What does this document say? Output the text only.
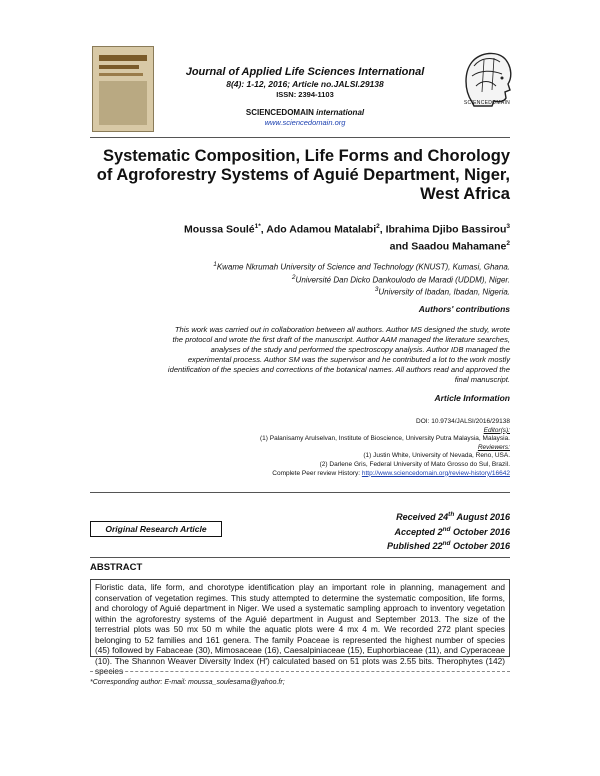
Journal of Applied Life Sciences International
8(4): 1-12, 2016; Article no.JALSI.29138
ISSN: 2394-1103
SCIENCEDOMAIN international
www.sciencedomain.org
SCIENCEDOMAIN
Systematic Composition, Life Forms and Chorology
of Agroforestry Systems of Aguié Department, Niger,
West Africa
Moussa Soulé$^{1*}$, Ado Adamou Matalabi$^2$, Ibrahima Djibo Bassirou$^3$
and Saadou Mahamane$^2$
$^1$Kwame Nkrumah University of Science and Technology (KNUST), Kumasi, Ghana.
$^2$Université Dan Dicko Dankoulodo de Maradi (UDDM), Niger.
$^3$University of Ibadan, Ibadan, Nigeria.
Authors' contributions
This work was carried out in collaboration between all authors. Author MS designed the study, wrote
the protocol and wrote the first draft of the manuscript. Author AAM managed the literature searches,
analyses of the study and performed the spectroscopy analysis. Author IDB managed the
experimental process. Author SM was the supervisor and he contributed a lot to the work mostly
identification of the species and corrections of the botanical names. All authors read and approved the
final manuscript.
Article Information
DOI: 10.9734/JALSI/2016/29138
Editor(s):
(1) Palanisamy Arulselvan, Institute of Bioscience, University Putra Malaysia, Malaysia.
Reviewers:
(1) Justin White, University of Nevada, Reno, USA.
(2) Darlene Gris, Federal University of Mato Grosso do Sul, Brazil.
Complete Peer review History: http://www.sciencedomain.org/review-history/16642
Original Research Article
Received 24th August 2016
Accepted 2nd October 2016
Published 22nd October 2016
ABSTRACT
Floristic data, life form, and chorotype identification play an important role in planning, management and conservation of vegetation regimes. This study attempted to determine the systematic composition, life forms, and chorology of Aguié department in Niger. We used a systematic sampling approach to inventory vegetation within the agroforestry systems of the Aguié department in August and September 2013. The size of the terrestrial plots was 50 mx 50 m while the aquatic plots were 4 mx 4 m. We recorded 272 plant species belonging to 52 families and 161 genera. The family Poaceae is represented the highest number of species (45) followed by Fabaceae (30), Mimosaceae (16), Caesalpiniaceae (15), Euphorbiaceae (11), and Cyperaceae (10). The Shannon Weaver Diversity Index (H') calculated based on 51 plots was 2.55 bits. Therophytes (142) species
*Corresponding author: E-mail: moussa_soulesama@yahoo.fr;
